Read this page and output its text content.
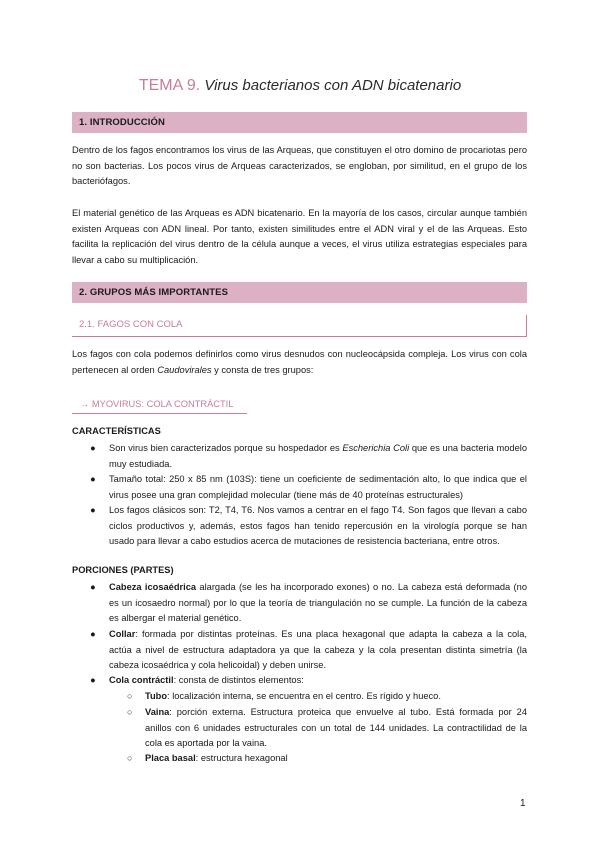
TEMA 9. Virus bacterianos con ADN bicatenario
1. INTRODUCCIÓN
Dentro de los fagos encontramos los virus de las Arqueas, que constituyen el otro domino de procariotas pero no son bacterias. Los pocos virus de Arqueas caracterizados, se engloban, por similitud, en el grupo de los bacteriófagos.
El material genético de las Arqueas es ADN bicatenario. En la mayoría de los casos, circular aunque también existen Arqueas con ADN lineal. Por tanto, existen similitudes entre el ADN viral y el de las Arqueas. Esto facilita la replicación del virus dentro de la célula aunque a veces, el virus utiliza estrategias especiales para llevar a cabo su multiplicación.
2. GRUPOS MÁS IMPORTANTES
2.1. FAGOS CON COLA
Los fagos con cola podemos definirlos como virus desnudos con nucleocápsida compleja. Los virus con cola pertenecen al orden Caudovirales y consta de tres grupos:
→ MYOVIRUS: COLA CONTRÁCTIL
CARACTERÍSTICAS
● Son virus bien caracterizados porque su hospedador es Escherichia Coli que es una bacteria modelo muy estudiada.
● Tamaño total: 250 x 85 nm (103S): tiene un coeficiente de sedimentación alto, lo que indica que el virus posee una gran complejidad molecular (tiene más de 40 proteínas estructurales)
● Los fagos clásicos son: T2, T4, T6. Nos vamos a centrar en el fago T4. Son fagos que llevan a cabo ciclos productivos y, además, estos fagos han tenido repercusión en la virología porque se han usado para llevar a cabo estudios acerca de mutaciones de resistencia bacteriana, entre otros.
PORCIONES (PARTES)
● Cabeza icosaédrica alargada (se les ha incorporado exones) o no. La cabeza está deformada (no es un icosaedro normal) por lo que la teoría de triangulación no se cumple. La función de la cabeza es albergar el material genético.
● Collar: formada por distintas proteínas. Es una placa hexagonal que adapta la cabeza a la cola, actúa a nivel de estructura adaptadora ya que la cabeza y la cola presentan distinta simetría (la cabeza icosaédrica y cola helicoidal) y deben unirse.
● Cola contráctil: consta de distintos elementos:
○ Tubo: localización interna, se encuentra en el centro. Es rígido y hueco.
○ Vaina: porción externa. Estructura proteica que envuelve al tubo. Está formada por 24 anillos con 6 unidades estructurales con un total de 144 unidades. La contractilidad de la cola es aportada por la vaina.
○ Placa basal: estructura hexagonal
1
